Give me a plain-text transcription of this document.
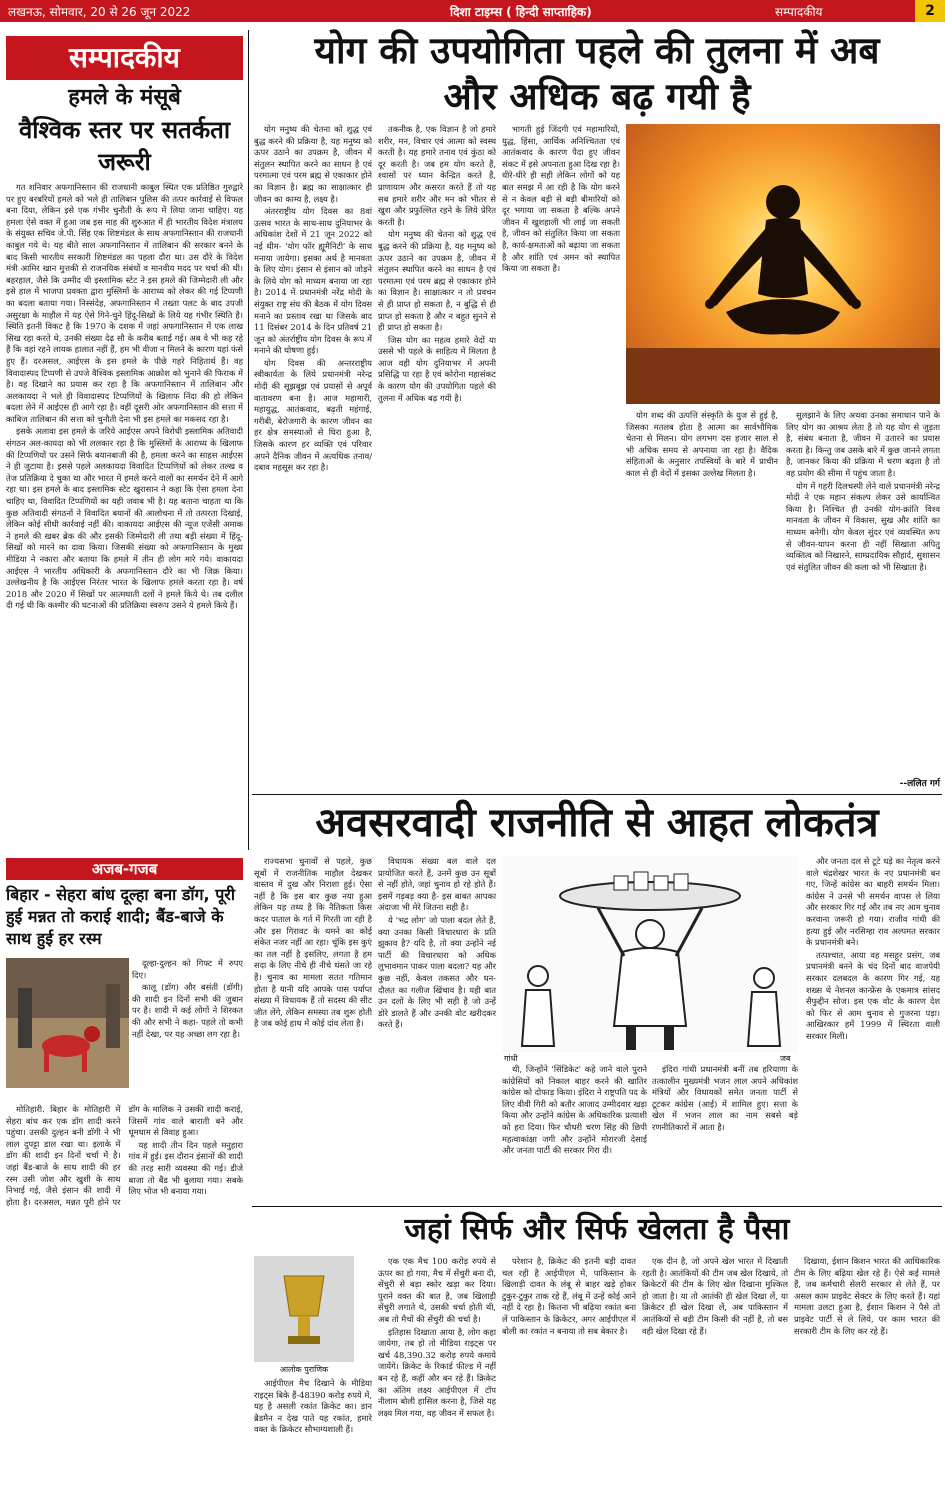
लखनऊ, सोमवार, 20 से 26 जून 2022	दिशा टाइम्स ( हिन्दी साप्ताहिक)	सम्पादकीय	2
सम्पादकीय
हमले के मंसूबे
वैश्विक स्तर पर सतर्कता जरूरी

गत शनिवार अफगानिस्तान की राजधानी काबुल स्थित एक प्रतिष्ठित गुरुद्वारे पर हुए बरबरियों हमले को भले ही तालिबान पुलिस की तत्पर कार्रवाई से विफल बना दिया, लेकिन इसे एक गंभीर चुनौती के रूप में लिया जाना चाहिए। यह हमला ऐसे वक्त में हुआ जब इस माह की शुरुआत में ही भारतीय विदेश मंत्रालय के संयुक्त सचिव जे.पी. सिंह एक शिष्टमंडल के साथ अफगानिस्तान की राजधानी काबुल गये थे। यह बीते साल अफगानिस्तान में तालिबान की सरकार बनने के बाद किसी भारतीय सरकारी शिष्टमंडल का पहला दौरा था। उस दौरे के विदेश मंत्री आमिर खान मुत्तकी से राजनयिक संबंधों व मानवीय मदद पर चर्चा की थी। बहरहाल, जैसे कि उम्मीद थी इस्लामिक स्टेट ने इस हमले की जिम्मेदारी ली और इसे हाल में भाजपा प्रवक्ता द्वारा मुस्लिमों के आराध्य को लेकर की गई टिप्पणी का बदला बताया गया। निस्संदेह, अफगानिस्तान में तख्ता पलट के बाद उपजी असुरक्षा के माहौल में यह ऐसे गिने-चुने हिंदू-सिखों के लिये यह गंभीर स्थिति है। स्थिति इतनी विकट है कि 1970 के दशक में जहां अफगानिस्तान में एक लाख सिख रहा करते थे, उनकी संख्या देढ़ सौ के करीब बताई गई। अब वे भी कह रहे हैं कि वहां रहने लायक हालात नहीं हैं, हम भी वीजा न मिलने के कारण यहां फंसे हुए हैं। दरअसल, आईएस के इस हमले के पीछे गहरे निहितार्थ हैं। वह विवादास्पद टिप्पणी से उपजे वैश्विक इस्लामिक आक्रोश को भुनाने की फिराक में है। वह दिखाने का प्रयास कर रहा है कि अफगानिस्तान में तालिबान और अलकायदा ने भले ही विवादास्पद टिप्पणियों के खिलाफ निंदा की हो लेकिन बदला लेने में आईएस ही आगे रहा है। वहीं दूसरी ओर अफगानिस्तान की सत्ता में काबिज तालिबान की सत्ता को चुनौती देना भी इस हमले का मकसद रहा है।

इसके अलावा इस हमले के जरिये आईएस अपने विरोधी इस्लामिक अतिवादी संगठन अल-कायदा को भी ललकार रहा है कि मुस्लिमों के आराध्य के खिलाफ की टिप्पणियों पर उसने सिर्फ बयानबाजी की है, हमला करने का साहस आईएस ने ही जुटाया है। इससे पहले अलकायदा विवादित टिप्पणियों को लेकर तल्ख व तेज प्रतिक्रिया दे चुका था और भारत में हमले करने वालों का समर्थन देने में आगे रहा था। इस हमले के बाद इस्लामिक स्टेट खुरासान ने कहा कि ऐसा हमला देना चाहिए था, विवादित टिप्पणियों का यही जवाब भी है। यह बताना चाहता था कि कुछ अतिवादी संगठनों ने विवादित बयानों की आलोचना में तो तत्परता दिखाई, लेकिन कोई सीधी कार्रवाई नहीं की। वाकायदा आईएस की न्यूज एजेंसी अमाक ने हमले की खबर ब्रेक की और इसकी जिम्मेदारी ली तथा बड़ी संख्या में हिंदू-सिखों को मारने का दावा किया। जिसकी संख्या को अफगानिस्तान के मुख्य मीडिया ने नकारा और बताया कि हमले में तीन ही लोग मारे गये। वाकायदा आईएस ने भारतीय अधिकारी के अफगानिस्तान दौरे का भी जिक्र किया। उल्लेखनीय है कि आईएस निरंतर भारत के खिलाफ हमले करता रहा है। वर्ष 2018 और 2020 में सिखों पर आत्मघाती दलों ने हमले किये थे। तब दलील दी गई थी कि कश्मीर की घटनाओं की प्रतिक्रिया स्वरूप उसने ये हमले किये हैं।

अजब-गजब
बिहार - सेहरा बांध दूल्हा बना डॉग, पूरी हुई मन्नत तो कराई शादी; बैंड-बाजे के साथ हुई हर रस्म

दूल्हा-दुल्हन को गिफ्ट में रुपए दिए।

कालू (डॉग) और बसंती (डॉगी) की शादी इन दिनों सभी की जुबान पर है। शादी में कई लोगों ने शिरकत की और सभी ने कहा- पहले तो कभी नहीं देखा, पर यह अच्छा लग रहा है।

मोतिहारी. बिहार के मोतिहारी में सेहरा बांध कर एक डॉग शादी करने पहुंचा। उसकी दुल्हन बनी डॉगी ने भी लाल दुपट्टा डाल रखा था। इलाके में डॉग की शादी इन दिनों चर्चा में है। जहां बैंड-बाजे के साथ शादी की हर रस्म उसी जोश और खुशी के साथ निभाई गई, जैसे इंसान की शादी में होता है। दरअसल, मन्नत पूरी होने पर डॉग के मालिक ने उसकी शादी कराई, जिसमें गांव वाले बाराती बने और धूमधाम से विवाह हुआ।

यह शादी तीन दिन पहले मनुहारा गांव में हुई। इस दौरान इंसानों की शादी की तरह सारी व्यवस्था की गई। डीजे बाजा तो बैंड भी बुलाया गया। सबके लिए भोज भी बनाया गया।

योग की उपयोगिता पहले की तुलना में अब
और अधिक बढ़ गयी है

योग मनुष्य की चेतना को शुद्ध एवं बुद्ध करने की प्रक्रिया है, यह मनुष्य को ऊपर उठाने का उपक्रम है, जीवन में संतुलन स्थापित करने का साधन है एवं परमात्मा एवं परम ब्रह्म से एकाकार होने का विज्ञान है। ब्रह्म का साक्षात्कार ही जीवन का काम्य है, लक्ष्य है।

अंतरराष्ट्रीय योग दिवस का 8वां उत्सव भारत के साथ-साथ दुनियाभर के अधिकांश देशों में 21 जून 2022 को नई थीम- 'योग फॉर ह्यूमैनिटी' के साथ मनाया जायेगा। इसका अर्थ है मानवता के लिए योग। इंसान से इंसान को जोड़ने के लिये योग को माध्यम बनाया जा रहा है। 2014 में प्रधानमंत्री नरेंद्र मोदी के संयुक्त राष्ट्र संघ की बैठक में योग दिवस मनाने का प्रस्ताव रखा था जिसके बाद 11 दिसंबर 2014 के दिन प्रतिवर्ष 21 जून को अंतर्राष्ट्रीय योग दिवस के रूप में मनाने की घोषणा हुई।

योग दिवस की अन्तरराष्ट्रीय स्वीकार्यता के लिये प्रधानमंत्री नरेन्द्र मोदी की सूझबूझ एवं प्रयासों से अपूर्व वातावरण बना है। आज महामारी, महायुद्ध, आतंकवाद, बढ़ती महंगाई, गरीबी, बेरोजगारी के कारण जीवन का हर क्षेत्र समस्याओं से घिरा हुआ है, जिसके कारण हर व्यक्ति एवं परिवार अपने दैनिक जीवन में अत्यधिक तनाव/दबाव महसूस कर रहा है।

तकनीक है, एक विज्ञान है जो हमारे शरीर, मन, विचार एवं आत्मा को स्वस्थ करती है। यह हमारे तनाव एवं कुंठा को दूर करती है। जब हम योग करते हैं, श्वासों पर ध्यान केन्द्रित करते हैं, प्राणायाम और कसरत करते हैं तो यह सब हमारे शरीर और मन को भीतर से खुश और प्रफुल्लित रहने के लिये प्रेरित करती है।

योग मनुष्य की चेतना को शुद्ध एवं बुद्ध करने की प्रक्रिया है, यह मनुष्य को ऊपर उठाने का उपक्रम है, जीवन में संतुलन स्थापित करने का साधन है एवं परमात्मा एवं परम ब्रह्म से एकाकार होने का विज्ञान है। साक्षात्कार न तो प्रवचन से ही प्राप्त हो सकता है, न बुद्धि से ही प्राप्त हो सकता है और न बहुत सुनने से ही प्राप्त हो सकता है।

जिस योग का महत्व हमारे वेदों या उससे भी पहले के साहित्य में मिलता है आज वही योग दुनियाभर में अपनी प्रसिद्धि पा रहा है एवं कोरोना महासंकट के कारण योग की उपयोगिता पहले की तुलना में अधिक बढ़ गयी है।

भागती हुई जिंदगी एवं महामारियों, युद्ध, हिंसा, आर्थिक अनिश्चितता एवं आतंकवाद के कारण पैदा हुए जीवन संकट में इसे अपनाता हुआ दिख रहा है। धीरे-धीरे ही सही लेकिन लोगों को यह बात समझ में आ रही है कि योग करने से न केवल बड़ी से बड़ी बीमारियों को दूर भगाया जा सकता है बल्कि अपने जीवन में खुशहाली भी लाई जा सकती है, जीवन को संतुलित किया जा सकता है, कार्य-क्षमताओं को बढ़ाया जा सकता है और शांति एवं अमन को स्थापित किया जा सकता है।

योग शब्द की उत्पत्ति संस्कृति के युज से हुई है, जिसका मतलब होता है आत्मा का सार्वभौमिक चेतना से मिलन। योग लगभग दस हजार साल से भी अधिक समय से अपनाया जा रहा है। वैदिक संहिताओं के अनुसार तपस्वियों के बारे में प्राचीन काल से ही वेदों में इसका उल्लेख मिलता है।

सुलझाने के लिए अथवा उनका समाधान पाने के लिए योग का आश्रय लेता है तो यह योग से जुड़ता है, संबंध बनाता है, जीवन में उतारने का प्रयास करता है। किन्तु जब उसके बारे में कुछ जानने लगता है, जानकर किया की प्रक्रिया में चरण बढ़ता है तो वह प्रयोग की सीमा में पहुंच जाता है।

योग में गहरी दिलचस्पी लेने वाले प्रधानमंत्री नरेन्द्र मोदी ने एक महान संकल्प लेकर उसे कार्यान्वित किया है। निश्चित ही उनकी योग-क्रांति विश्व मानवता के जीवन में विकास, सुख और शांति का माध्यम बनेगी। योग केवल सुंदर एवं व्यवस्थित रूप से जीवन-यापन करना ही नहीं सिखाता अपितु व्यक्तित्व को निखारने, साम्प्रदायिक सौहार्द, सुशासन एवं संतुलित जीवन की कला को भी सिखाता है।

--ललित गर्ग
अवसरवादी राजनीति से आहत लोकतंत्र

राज्यसभा चुनावों से पहले, कुछ सूबों में राजनीतिक माहौल देखकर वास्तव में दुख और निराशा हुई। ऐसा नहीं है कि इस बार कुछ नया हुआ लेकिन यह तथ्य है कि नैतिकता किस कदर पाताल के गर्त में गिरती जा रही है और इस गिरावट के थमने का कोई संकेत नजर नहीं आ रहा। चूंकि इस कुएं का तल नहीं है इसलिए, लगता है हम सदा के लिए नीचे ही नीचे धंसते जा रहे हैं। चुनाव का मामला सतत गतिमान होता है यानी यदि आपके पास पर्याप्त संख्या में विधायक हैं तो सदस्य की सीट जीत लेंगे, लेकिन समस्या तब शुरू होती है जब कोई हाथ में कोई दांव लेता है।

विधायक संख्या बल वाले दल प्रायोजित करते हैं, उनमें कुछ उन सूबों से नहीं होते, जहां चुनाव हो रहे होते हैं। इसमें गड़बड़ क्या है- इस बाबत आपका अंदाजा भी मेरे जितना सही है।

ये 'भद्र लोग' जो पाला बदल लेते हैं, क्या उनका किसी विचारधारा के प्रति झुकाव है? यदि है, तो क्या उन्होंने नई पार्टी की विचारधारा को अधिक लुभावमान पाकर पाला बदला? यह और कुछ नहीं, केवल तकसत और धन-दौलत का गलीज खिंचाव है। यही बात उन दलों के लिए भी सही है जो उन्हें डोरे डालते हैं और उनकी वोट खरीदकर करते हैं।

गांधी	जब

थी, जिन्होंने 'सिंडिकेट' कहे जाने वाले पुराने कांग्रेसियों को निकाल बाहर करने की खातिर कांग्रेस को दोफाड़ किया। इंदिरा ने राष्ट्रपति पद के लिए वीवी गिरी को बतौर आजाद उम्मीदवार खड़ा किया और उन्होंने कांग्रेस के अधिकारिक प्रत्याशी को हरा दिया। फिर चौधरी चरण सिंह की छिपी महत्वाकांक्षा जगी और उन्होंने मोरारजी देसाई और जनता पार्टी की सरकार गिरा दी।

इंदिरा गांधी प्रधानमंत्री बनीं तब हरियाणा के तत्कालीन मुख्यमंत्री भजन लाल अपने अधिकांश मंत्रियों और विधायकों समेत जनता पार्टी से टूटकर कांग्रेस (आई) में शामिल हुए। सत्ता के खेल में भजन लाल का नाम सबसे बड़े रणनीतिकारों में आता है।

और जनता दल से टूटे धड़े का नेतृत्व करने वाले चंद्रशेखर भारत के नए प्रधानमंत्री बन गए, जिन्हें कांग्रेस का बाहरी समर्थन मिला। कांग्रेस ने उनसे भी समर्थन वापस ले लिया और सरकार गिर गई और तब नए आम चुनाव करवाना जरूरी हो गया। राजीव गांधी की हत्या हुई और नरसिम्हा राव अल्पमत सरकार के प्रधानमंत्री बने।

तत्पश्चात, आया वह मसहूर प्रसंग, जब प्रधानमंत्री बनने के चंद दिनों बाद वाजपेयी सरकार दलबदल के कारण गिर गई, यह शख्स थे नेशनल कान्फ्रेंस के एकमात्र सांसद सैफुद्दीन सोज। इस एक वोट के कारण देश को फिर से आम चुनाव से गुजरना पड़ा। आखिरकार हमें 1999 में स्थिरता वाली सरकार मिली।

जहां सिर्फ और सिर्फ खेलता है पैसा
आलोक पुराणिक

आईपीएल मैच दिखाने के मीडिया राइट्स बिके हैं-48390 करोड़ रुपये में, यह है असली रकांत क्रिकेट का। डान ब्रैडमैन न देख पाते यह रकांत, हमारे वक्त के क्रिकेटर सौभाग्यशाली हैं।

एक एक मैच 100 करोड़ रुपये से ऊपर का हो गया, मैच में सेंचुरी बना दी, सेंचुरी से बड़ा स्कोर खड़ा कर दिया। पुराने वक्त की बात है, जब खिलाड़ी सेंचुरी लगाते थे, उसकी चर्चा होती थी, अब तो मैचों की सेंचुरी की चर्चा है।

इतिहास दिखाता आया है, लोग कहा जायेगा, तब हो तो मीडिया राइट्स पर खर्च 48,390.32 करोड़ रुपये कमाये जायेंगे। क्रिकेट के रिकार्ड फील्ड में नहीं बन रहे हैं, कहीं और बन रहे हैं। क्रिकेट का अंतिम लक्ष्य आईपीएल में टॉप नीलाम बोली हासिल करना है, जिसे यह लक्ष्य मिल गया, वह जीवन में सफल है।

परेशान है, क्रिकेट की इतनी बड़ी दावत चल रही है आईपीएल में, पाकिस्तान के खिलाड़ी दावत के लंबू से बाहर खड़े होकर टुकुर-टुकुर ताक रहे हैं, लंबू में उन्हें कोई आने नहीं दे रहा है। कितना भी बढ़िया रकांत बना लें पाकिस्तान के क्रिकेटर, अगर आईपीएल में बोली का रकांत न बनाया तो सब बेकार है।

एक दीन है, जो अपने खेल भारत में दिखाती रहती है। आतंकियों की टीम जब खेल दिखाये, तो क्रिकेटरों की टीम के लिए खेल दिखाना मुश्किल हो जाता है। या तो आतंकी ही खेल दिखा लें, या क्रिकेटर ही खेल दिखा लें, अब पाकिस्तान में आतंकियों से बड़ी टीम किसी की नहीं है, तो बस वही खेल दिखा रहे हैं।

दिखाया, ईशान किशन भारत की आधिकारिक टीम के लिए बढ़िया खेल रहे हैं। ऐसे कई मामले हैं, जब कर्मचारी सेलरी सरकार से लेते हैं, पर असल काम प्राइवेट सेक्टर के लिए करते हैं। यहां मामला उलटा हुआ है, ईशान किशन ने पैसे तो प्राइवेट पार्टी से ले लिये, पर काम भारत की सरकारी टीम के लिए कर रहे हैं।
